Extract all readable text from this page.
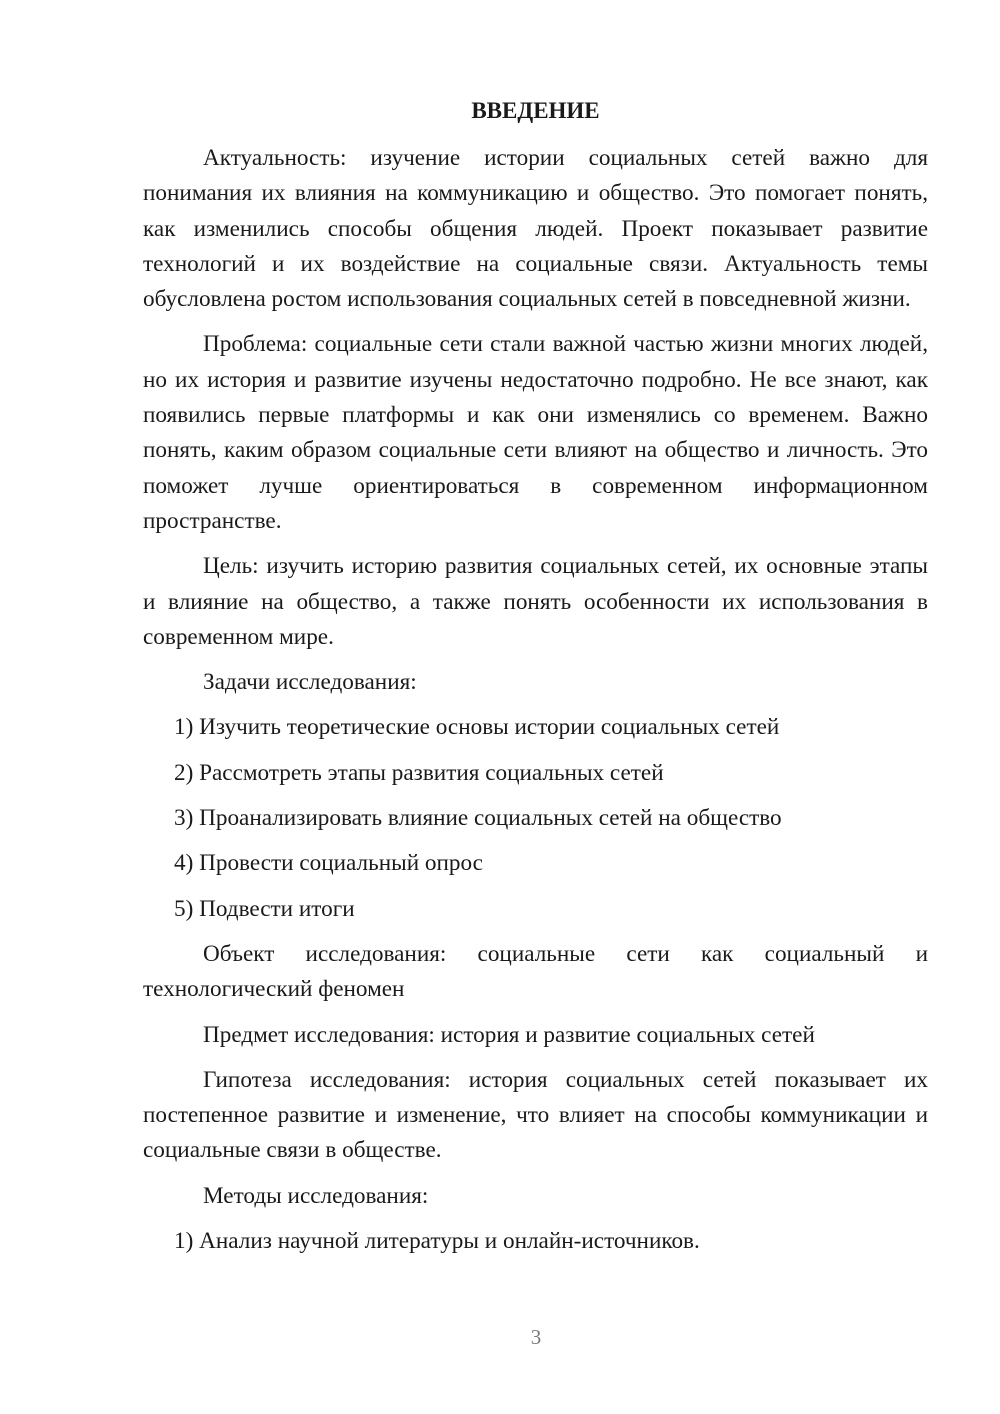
ВВЕДЕНИЕ
Актуальность: изучение истории социальных сетей важно для понимания их влияния на коммуникацию и общество. Это помогает понять, как изменились способы общения людей. Проект показывает развитие технологий и их воздействие на социальные связи. Актуальность темы обусловлена ростом использования социальных сетей в повседневной жизни.
Проблема: социальные сети стали важной частью жизни многих людей, но их история и развитие изучены недостаточно подробно. Не все знают, как появились первые платформы и как они изменялись со временем. Важно понять, каким образом социальные сети влияют на общество и личность. Это поможет лучше ориентироваться в современном информационном пространстве.
Цель: изучить историю развития социальных сетей, их основные этапы и влияние на общество, а также понять особенности их использования в современном мире.
Задачи исследования:
1) Изучить теоретические основы истории социальных сетей
2) Рассмотреть этапы развития социальных сетей
3) Проанализировать влияние социальных сетей на общество
4) Провести социальный опрос
5) Подвести итоги
Объект исследования: социальные сети как социальный и технологический феномен
Предмет исследования: история и развитие социальных сетей
Гипотеза исследования: история социальных сетей показывает их постепенное развитие и изменение, что влияет на способы коммуникации и социальные связи в обществе.
Методы исследования:
1) Анализ научной литературы и онлайн-источников.
3
